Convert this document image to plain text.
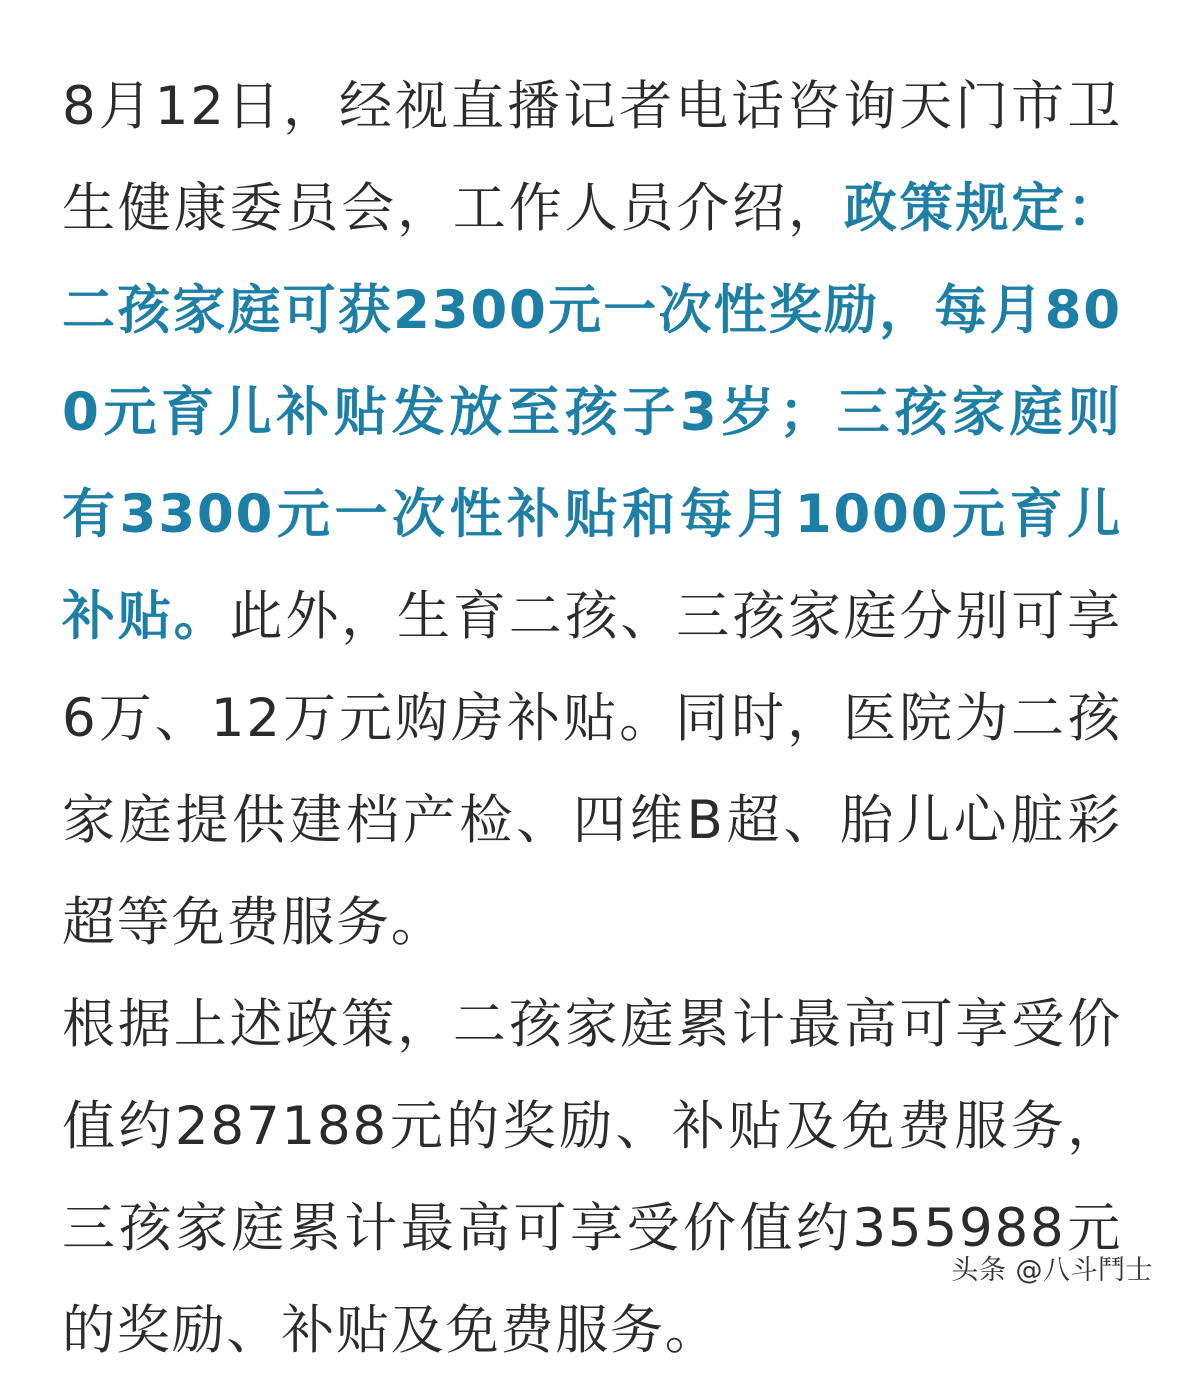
8月12日，经视直播记者电话咨询天门市卫生健康委员会，工作人员介绍，政策规定：二孩家庭可获2300元一次性奖励，每月800元育儿补贴发放至孩子3岁；三孩家庭则有3300元一次性补贴和每月1000元育儿补贴。此外，生育二孩、三孩家庭分别可享6万、12万元购房补贴。同时，医院为二孩家庭提供建档产检、四维B超、胎儿心脏彩超等免费服务。
根据上述政策，二孩家庭累计最高可享受价值约287188元的奖励、补贴及免费服务，三孩家庭累计最高可享受价值约355988元的奖励、补贴及免费服务。
头条 @八斗鬥士
